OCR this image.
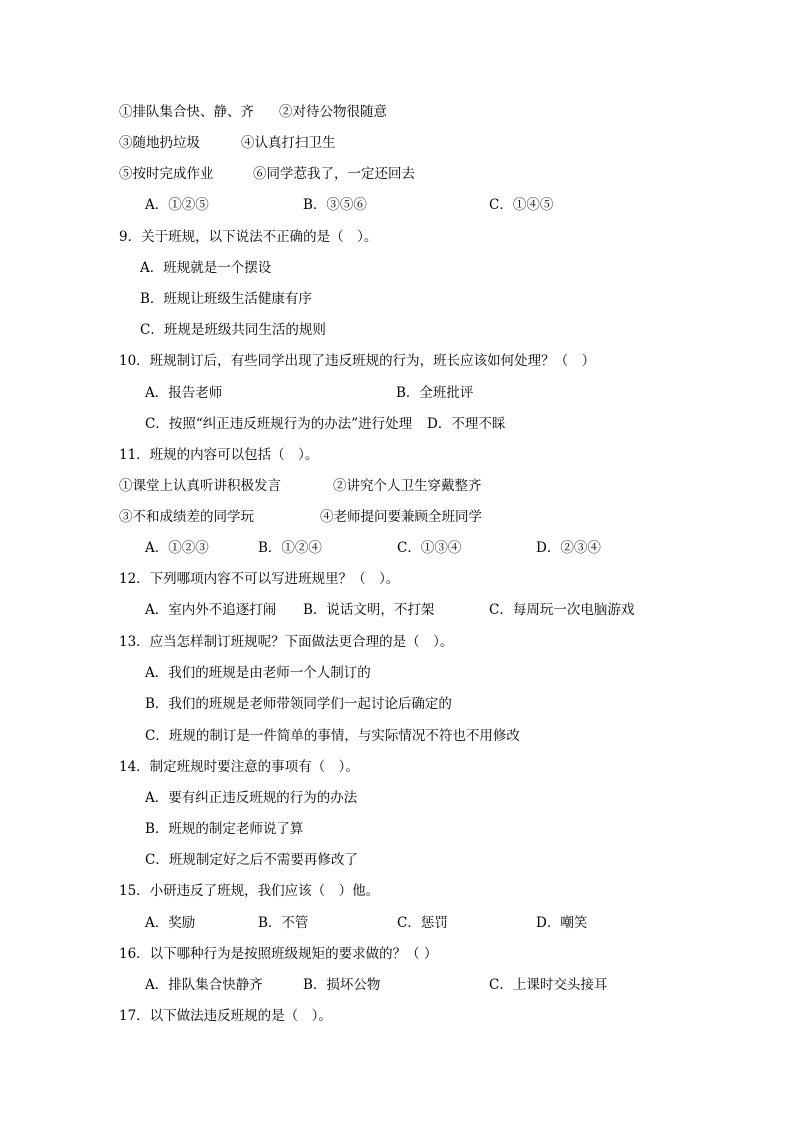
①排队集合快、静、齐 ②对待公物很随意
③随地扔垃圾	④认真打扫卫生
⑤按时完成作业	⑥同学惹我了，一定还回去
A．①②⑤	B．③⑤⑥	C．①④⑤
9．关于班规，以下说法不正确的是（　）。
A．班规就是一个摆设
B．班规让班级生活健康有序
C．班规是班级共同生活的规则
10．班规制订后，有些同学出现了违反班规的行为，班长应该如何处理？（　）
A．报告老师	B．全班批评
C．按照“纠正违反班规行为的办法”进行处理 D．不理不睬
11．班规的内容可以包括（　）。
①课堂上认真听讲积极发言	②讲究个人卫生穿戴整齐
③不和成绩差的同学玩	④老师提问要兼顾全班同学
A．①②③	B．①②④	C．①③④	D．②③④
12．下列哪项内容不可以写进班规里？（　）。
A．室内外不追逐打闹 B．说话文明，不打架	C．每周玩一次电脑游戏
13．应当怎样制订班规呢？下面做法更合理的是（　）。
A．我们的班规是由老师一个人制订的
B．我们的班规是老师带领同学们一起讨论后确定的
C．班规的制订是一件简单的事情，与实际情况不符也不用修改
14．制定班规时要注意的事项有（　）。
A．要有纠正违反班规的行为的办法
B．班规的制定老师说了算
C．班规制定好之后不需要再修改了
15．小研违反了班规，我们应该（　）他。
A．奖励	B．不管	C．惩罚	D．嘲笑
16．以下哪种行为是按照班级规矩的要求做的？（ ）
A．排队集合快静齐	B．损坏公物	C．上课时交头接耳
17．以下做法违反班规的是（　）。
